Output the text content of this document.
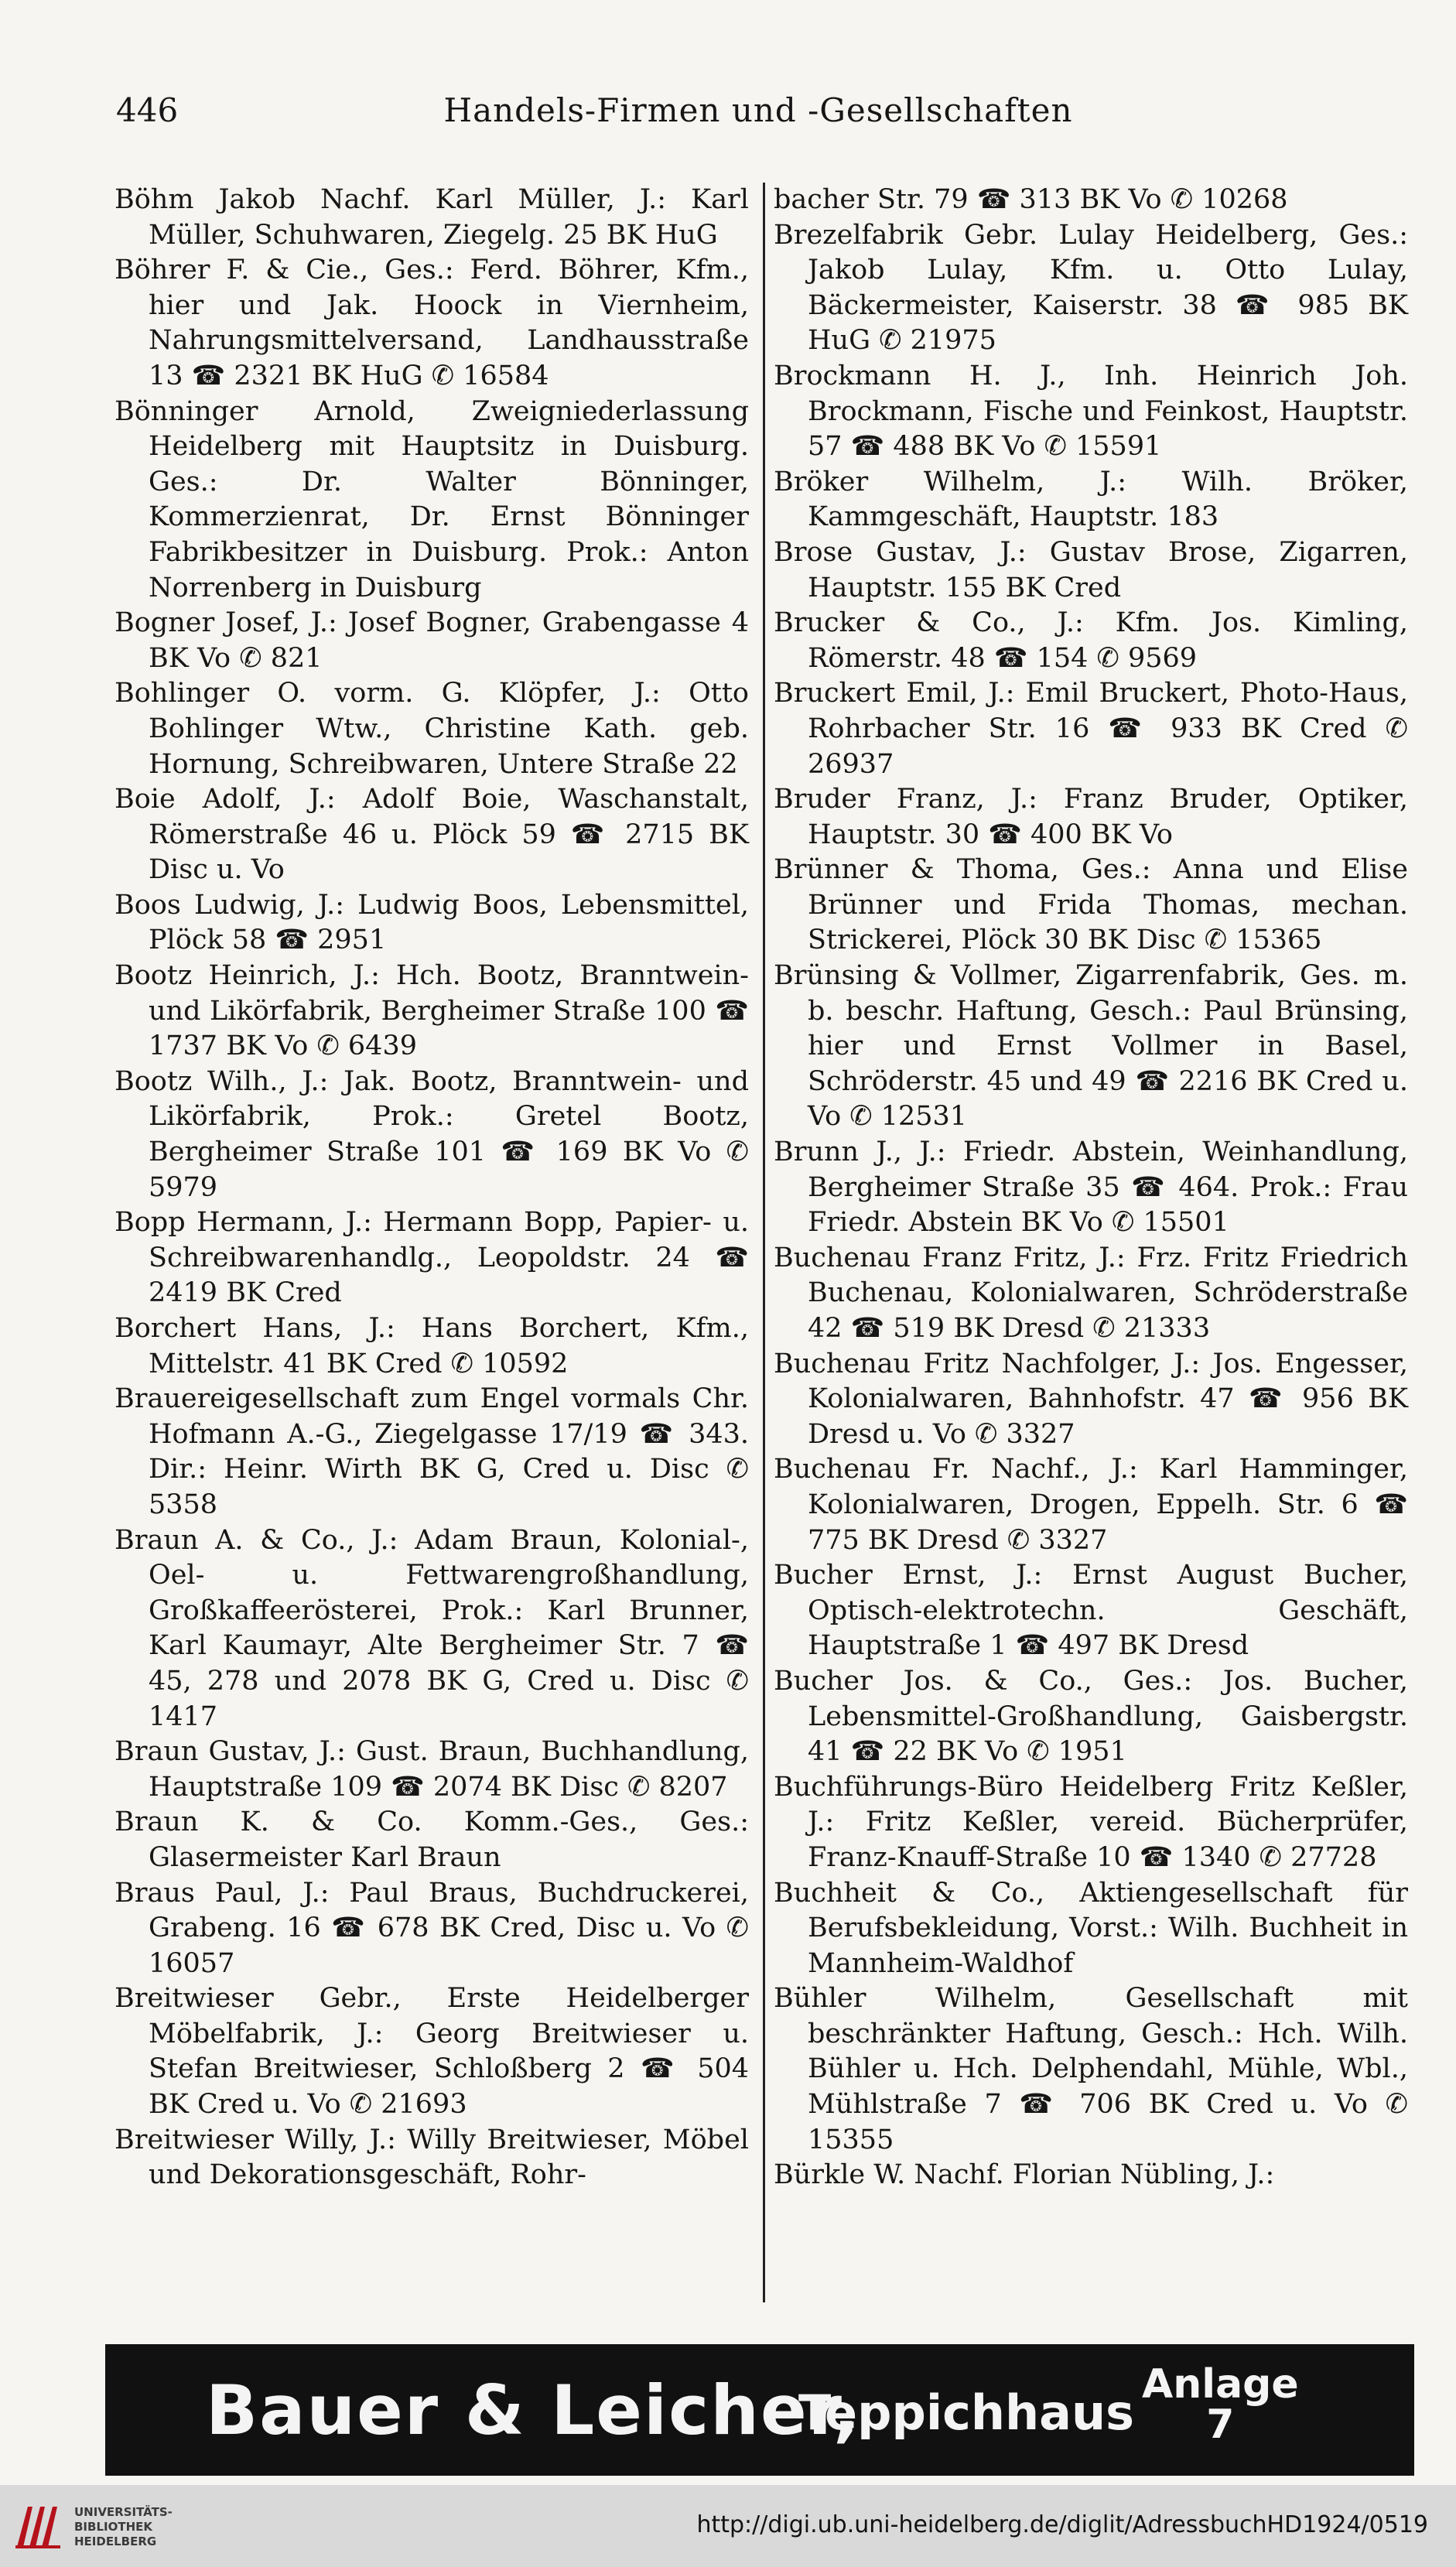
446	Handels-Firmen und -Gesellschaften

Böhm Jakob Nachf. Karl Müller, J.: Karl Müller, Schuhwaren, Ziegelg. 25 BK HuG

Böhrer F. & Cie., Ges.: Ferd. Böhrer, Kfm., hier und Jak. Hoock in Viernheim, Nahrungsmittelversand, Landhausstraße 13 ☎ 2321 BK HuG ✆ 16584

Bönninger Arnold, Zweigniederlassung Heidelberg mit Hauptsitz in Duisburg. Ges.: Dr. Walter Bönninger, Kommerzienrat, Dr. Ernst Bönninger Fabrikbesitzer in Duisburg. Prok.: Anton Norrenberg in Duisburg

Bogner Josef, J.: Josef Bogner, Grabengasse 4 BK Vo ✆ 821

Bohlinger O. vorm. G. Klöpfer, J.: Otto Bohlinger Wtw., Christine Kath. geb. Hornung, Schreibwaren, Untere Straße 22

Boie Adolf, J.: Adolf Boie, Waschanstalt, Römerstraße 46 u. Plöck 59 ☎ 2715 BK Disc u. Vo

Boos Ludwig, J.: Ludwig Boos, Lebensmittel, Plöck 58 ☎ 2951

Bootz Heinrich, J.: Hch. Bootz, Branntwein- und Likörfabrik, Bergheimer Straße 100 ☎ 1737 BK Vo ✆ 6439

Bootz Wilh., J.: Jak. Bootz, Branntwein- und Likörfabrik, Prok.: Gretel Bootz, Bergheimer Straße 101 ☎ 169 BK Vo ✆ 5979

Bopp Hermann, J.: Hermann Bopp, Papier- u. Schreibwarenhandlg., Leopoldstr. 24 ☎ 2419 BK Cred

Borchert Hans, J.: Hans Borchert, Kfm., Mittelstr. 41 BK Cred ✆ 10592

Brauereigesellschaft zum Engel vormals Chr. Hofmann A.-G., Ziegelgasse 17/19 ☎ 343. Dir.: Heinr. Wirth BK G, Cred u. Disc ✆ 5358

Braun A. & Co., J.: Adam Braun, Kolonial-, Oel- u. Fettwarengroßhandlung, Großkaffeerösterei, Prok.: Karl Brunner, Karl Kaumayr, Alte Bergheimer Str. 7 ☎ 45, 278 und 2078 BK G, Cred u. Disc ✆ 1417

Braun Gustav, J.: Gust. Braun, Buchhandlung, Hauptstraße 109 ☎ 2074 BK Disc ✆ 8207

Braun K. & Co. Komm.-Ges., Ges.: Glasermeister Karl Braun

Braus Paul, J.: Paul Braus, Buchdruckerei, Grabeng. 16 ☎ 678 BK Cred, Disc u. Vo ✆ 16057

Breitwieser Gebr., Erste Heidelberger Möbelfabrik, J.: Georg Breitwieser u. Stefan Breitwieser, Schloßberg 2 ☎ 504 BK Cred u. Vo ✆ 21693

Breitwieser Willy, J.: Willy Breitwieser, Möbel und Dekorationsgeschäft, Rohr-

bacher Str. 79 ☎ 313 BK Vo ✆ 10268

Brezelfabrik Gebr. Lulay Heidelberg, Ges.: Jakob Lulay, Kfm. u. Otto Lulay, Bäckermeister, Kaiserstr. 38 ☎ 985 BK HuG ✆ 21975

Brockmann H. J., Inh. Heinrich Joh. Brockmann, Fische und Feinkost, Hauptstr. 57 ☎ 488 BK Vo ✆ 15591

Bröker Wilhelm, J.: Wilh. Bröker, Kammgeschäft, Hauptstr. 183

Brose Gustav, J.: Gustav Brose, Zigarren, Hauptstr. 155 BK Cred

Brucker & Co., J.: Kfm. Jos. Kimling, Römerstr. 48 ☎ 154 ✆ 9569

Bruckert Emil, J.: Emil Bruckert, Photo-Haus, Rohrbacher Str. 16 ☎ 933 BK Cred ✆ 26937

Bruder Franz, J.: Franz Bruder, Optiker, Hauptstr. 30 ☎ 400 BK Vo

Brünner & Thoma, Ges.: Anna und Elise Brünner und Frida Thomas, mechan. Strickerei, Plöck 30 BK Disc ✆ 15365

Brünsing & Vollmer, Zigarrenfabrik, Ges. m. b. beschr. Haftung, Gesch.: Paul Brünsing, hier und Ernst Vollmer in Basel, Schröderstr. 45 und 49 ☎ 2216 BK Cred u. Vo ✆ 12531

Brunn J., J.: Friedr. Abstein, Weinhandlung, Bergheimer Straße 35 ☎ 464. Prok.: Frau Friedr. Abstein BK Vo ✆ 15501

Buchenau Franz Fritz, J.: Frz. Fritz Friedrich Buchenau, Kolonialwaren, Schröderstraße 42 ☎ 519 BK Dresd ✆ 21333

Buchenau Fritz Nachfolger, J.: Jos. Engesser, Kolonialwaren, Bahnhofstr. 47 ☎ 956 BK Dresd u. Vo ✆ 3327

Buchenau Fr. Nachf., J.: Karl Hamminger, Kolonialwaren, Drogen, Eppelh. Str. 6 ☎ 775 BK Dresd ✆ 3327

Bucher Ernst, J.: Ernst August Bucher, Optisch-elektrotechn. Geschäft, Hauptstraße 1 ☎ 497 BK Dresd

Bucher Jos. & Co., Ges.: Jos. Bucher, Lebensmittel-Großhandlung, Gaisbergstr. 41 ☎ 22 BK Vo ✆ 1951

Buchführungs-Büro Heidelberg Fritz Keßler, J.: Fritz Keßler, vereid. Bücherprüfer, Franz-Knauff-Straße 10 ☎ 1340 ✆ 27728

Buchheit & Co., Aktiengesellschaft für Berufsbekleidung, Vorst.: Wilh. Buchheit in Mannheim-Waldhof

Bühler Wilhelm, Gesellschaft mit beschränkter Haftung, Gesch.: Hch. Wilh. Bühler u. Hch. Delphendahl, Mühle, Wbl., Mühlstraße 7 ☎ 706 BK Cred u. Vo ✆ 15355

Bürkle W. Nachf. Florian Nübling, J.:

Bauer & Leicher,
Teppichhaus Anlage
7
UNIVERSITÄTS-
BIBLIOTHEK
HEIDELBERG
http://digi.ub.uni-heidelberg.de/diglit/AdressbuchHD1924/0519
